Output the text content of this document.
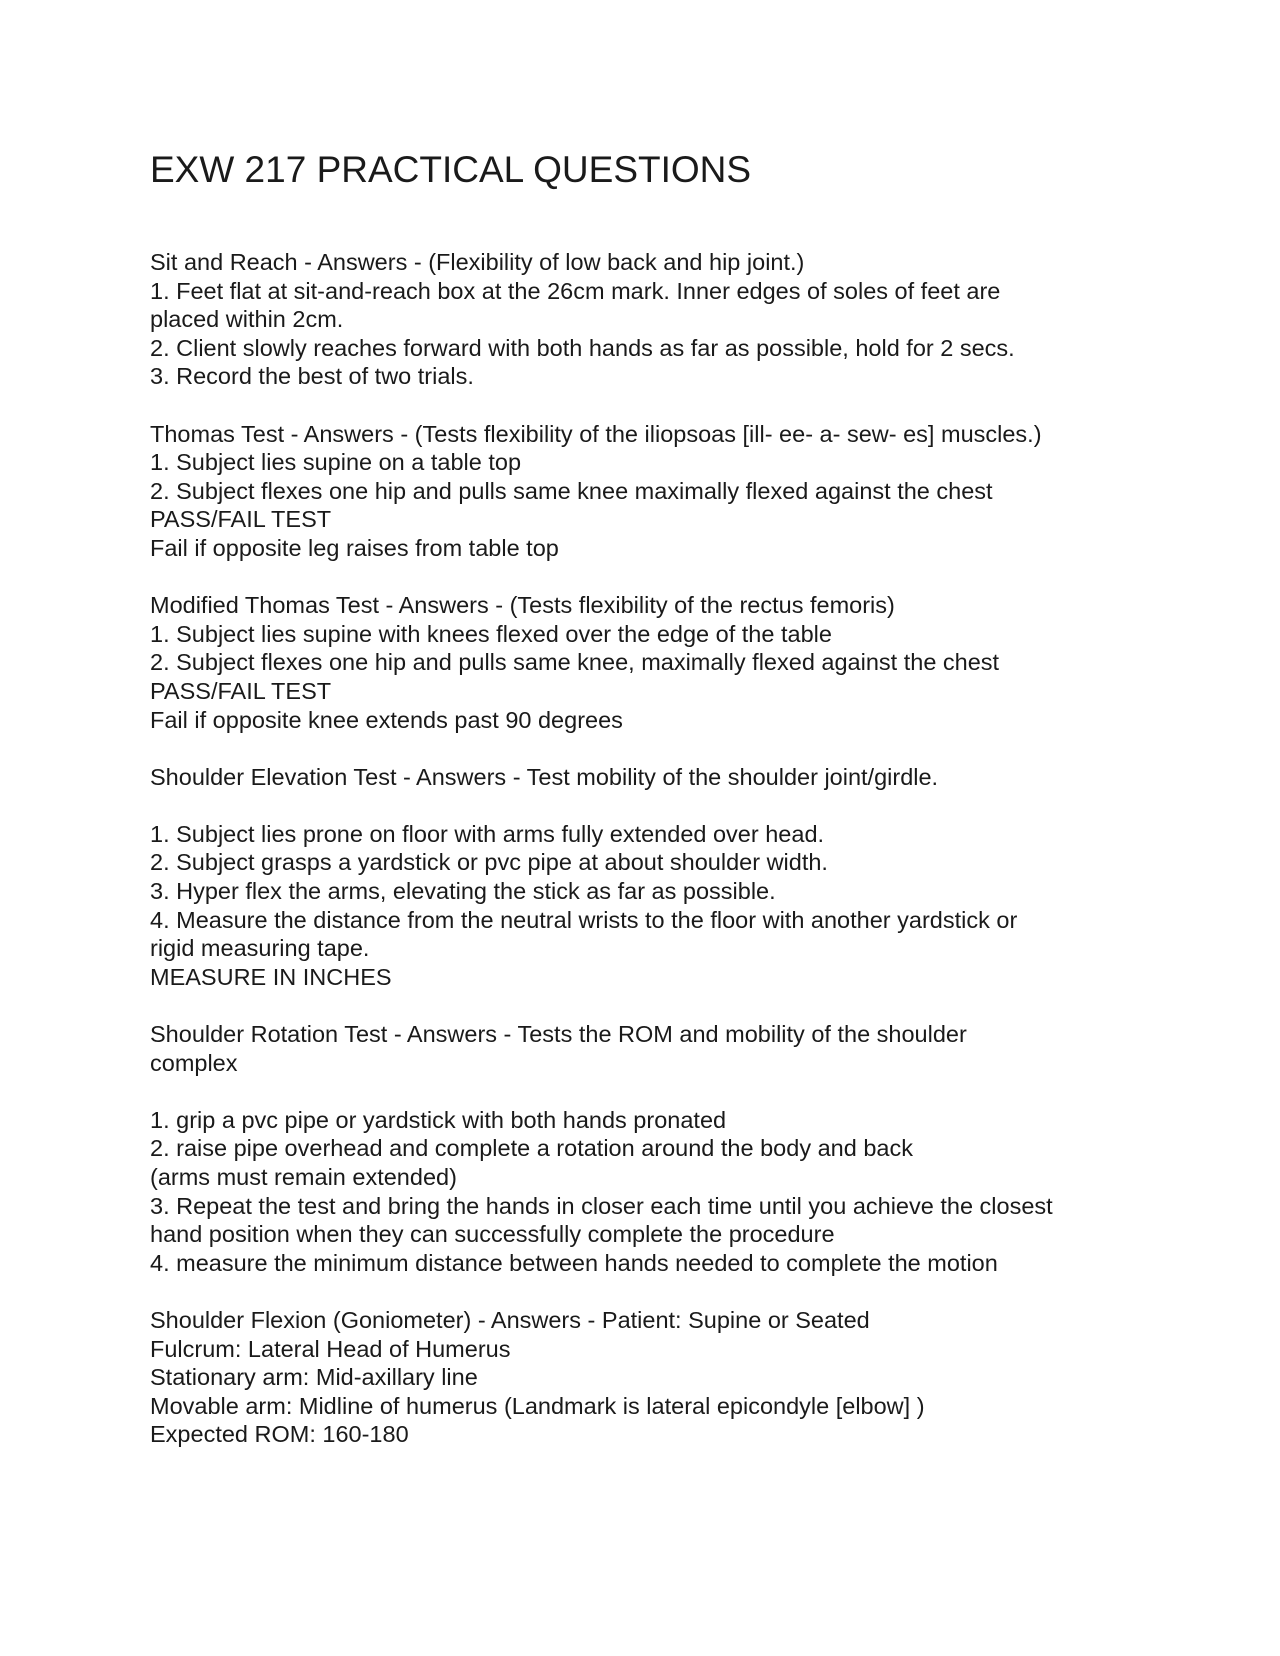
EXW 217 PRACTICAL QUESTIONS
Sit and Reach - Answers - (Flexibility of low back and hip joint.)
1. Feet flat at sit-and-reach box at the 26cm mark. Inner edges of soles of feet are
placed within 2cm.
2. Client slowly reaches forward with both hands as far as possible, hold for 2 secs.
3. Record the best of two trials.
Thomas Test - Answers - (Tests flexibility of the iliopsoas [ill- ee- a- sew- es] muscles.)
1. Subject lies supine on a table top
2. Subject flexes one hip and pulls same knee maximally flexed against the chest
PASS/FAIL TEST
Fail if opposite leg raises from table top
Modified Thomas Test - Answers - (Tests flexibility of the rectus femoris)
1. Subject lies supine with knees flexed over the edge of the table
2. Subject flexes one hip and pulls same knee, maximally flexed against the chest
PASS/FAIL TEST
Fail if opposite knee extends past 90 degrees
Shoulder Elevation Test - Answers - Test mobility of the shoulder joint/girdle.
1. Subject lies prone on floor with arms fully extended over head.
2. Subject grasps a yardstick or pvc pipe at about shoulder width.
3. Hyper flex the arms, elevating the stick as far as possible.
4. Measure the distance from the neutral wrists to the floor with another yardstick or
rigid measuring tape.
MEASURE IN INCHES
Shoulder Rotation Test - Answers - Tests the ROM and mobility of the shoulder
complex
1. grip a pvc pipe or yardstick with both hands pronated
2. raise pipe overhead and complete a rotation around the body and back
(arms must remain extended)
3. Repeat the test and bring the hands in closer each time until you achieve the closest
hand position when they can successfully complete the procedure
4. measure the minimum distance between hands needed to complete the motion
Shoulder Flexion (Goniometer) - Answers - Patient: Supine or Seated
Fulcrum: Lateral Head of Humerus
Stationary arm: Mid-axillary line
Movable arm: Midline of humerus (Landmark is lateral epicondyle [elbow] )
Expected ROM: 160-180
